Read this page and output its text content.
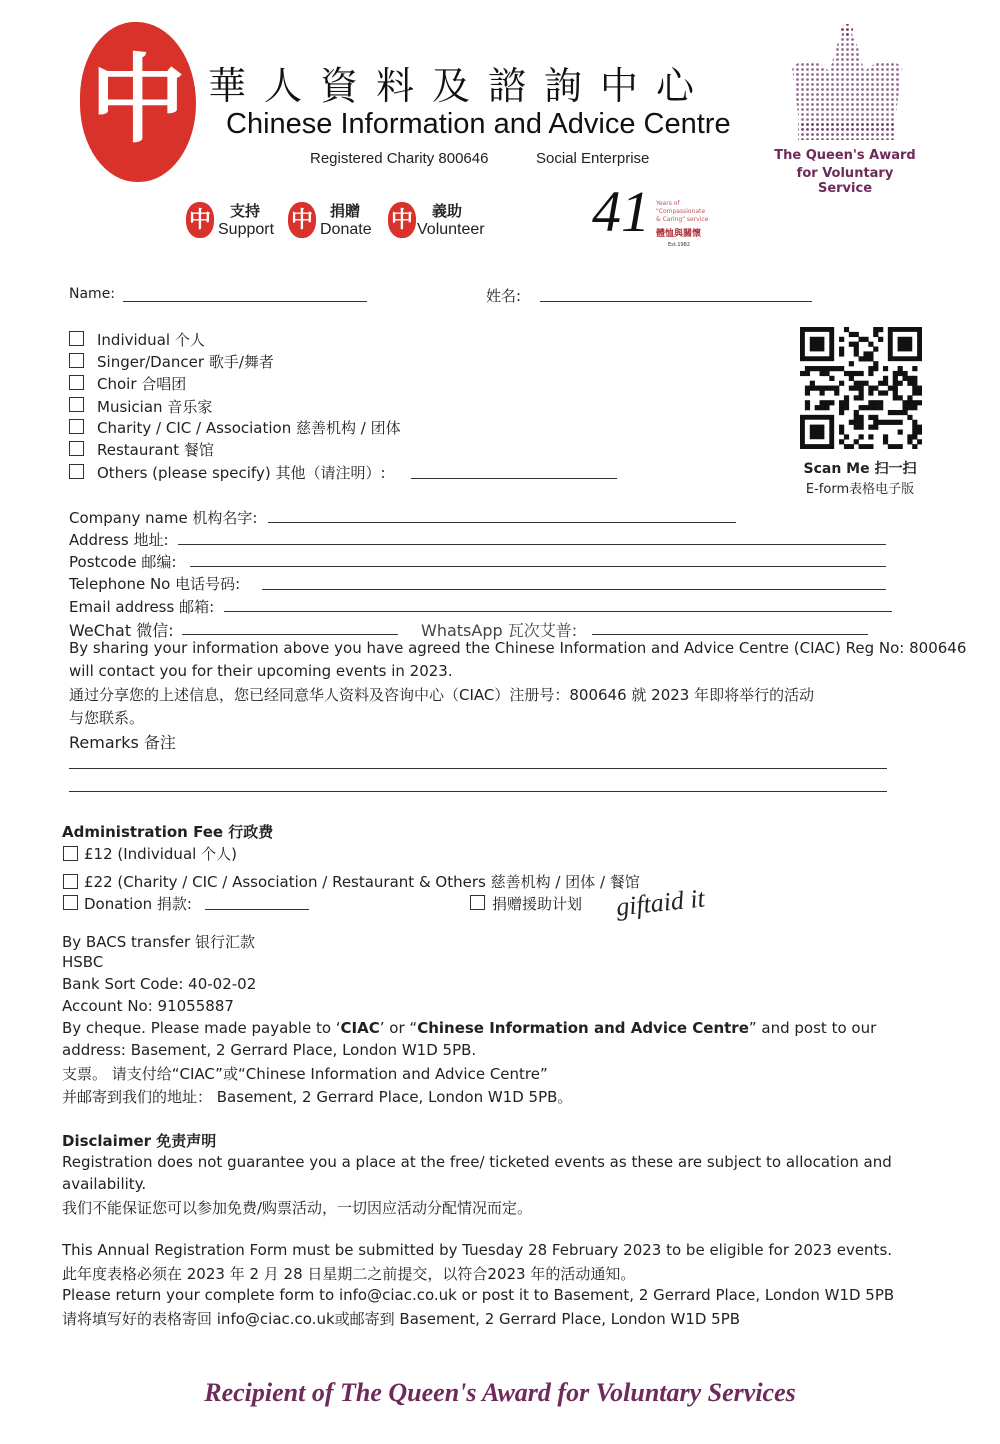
中 華人資料及諮詢中心
Chinese Information and Advice Centre
Registered Charity 800646	Social Enterprise	The Queen's Award
for Voluntary Service
中 支持
Support 中 捐贈
Donate 中 義助
Volunteer 41 Years of
"Compassionate
& Caring" service
體恤與關懷
Est.1982
Name:	姓名:
Individual 个人
Singer/Dancer 歌手/舞者
Choir 合唱团
Musician 音乐家
Charity / CIC / Association 慈善机构 / 团体
Restaurant 餐馆
Others (please specify) 其他（请注明）:	Scan Me 扫一扫
E-form表格电子版
Company name 机构名字:
Address 地址:
Postcode 邮编:
Telephone No 电话号码:
Email address 邮箱:
WeChat 微信:	WhatsApp 瓦次艾普:
By sharing your information above you have agreed the Chinese Information and Advice Centre (CIAC) Reg No: 800646
will contact you for their upcoming events in 2023.
通过分享您的上述信息，您已经同意华人资料及咨询中心（CIAC）注册号：800646 就 2023 年即将举行的活动
与您联系。
Remarks 备注
Administration Fee 行政费
£12 (Individual 个人)
£22 (Charity / CIC / Association / Restaurant & Others 慈善机构 / 团体 / 餐馆
Donation 捐款:	捐赠援助计划 giftaid it
By BACS transfer 银行汇款
HSBC
Bank Sort Code: 40-02-02
Account No: 91055887
By cheque. Please made payable to ‘CIAC’ or “Chinese Information and Advice Centre” and post to our
address: Basement, 2 Gerrard Place, London W1D 5PB.
支票。 请支付给“CIAC”或“Chinese Information and Advice Centre”
并邮寄到我们的地址： Basement, 2 Gerrard Place, London W1D 5PB。
Disclaimer 免责声明
Registration does not guarantee you a place at the free/ ticketed events as these are subject to allocation and
availability.
我们不能保证您可以参加免费/购票活动，一切因应活动分配情况而定。
This Annual Registration Form must be submitted by Tuesday 28 February 2023 to be eligible for 2023 events.
此年度表格必须在 2023 年 2 月 28 日星期二之前提交，以符合2023 年的活动通知。
Please return your complete form to info@ciac.co.uk or post it to Basement, 2 Gerrard Place, London W1D 5PB
请将填写好的表格寄回 info@ciac.co.uk或邮寄到 Basement, 2 Gerrard Place, London W1D 5PB
Recipient of The Queen's Award for Voluntary Services
